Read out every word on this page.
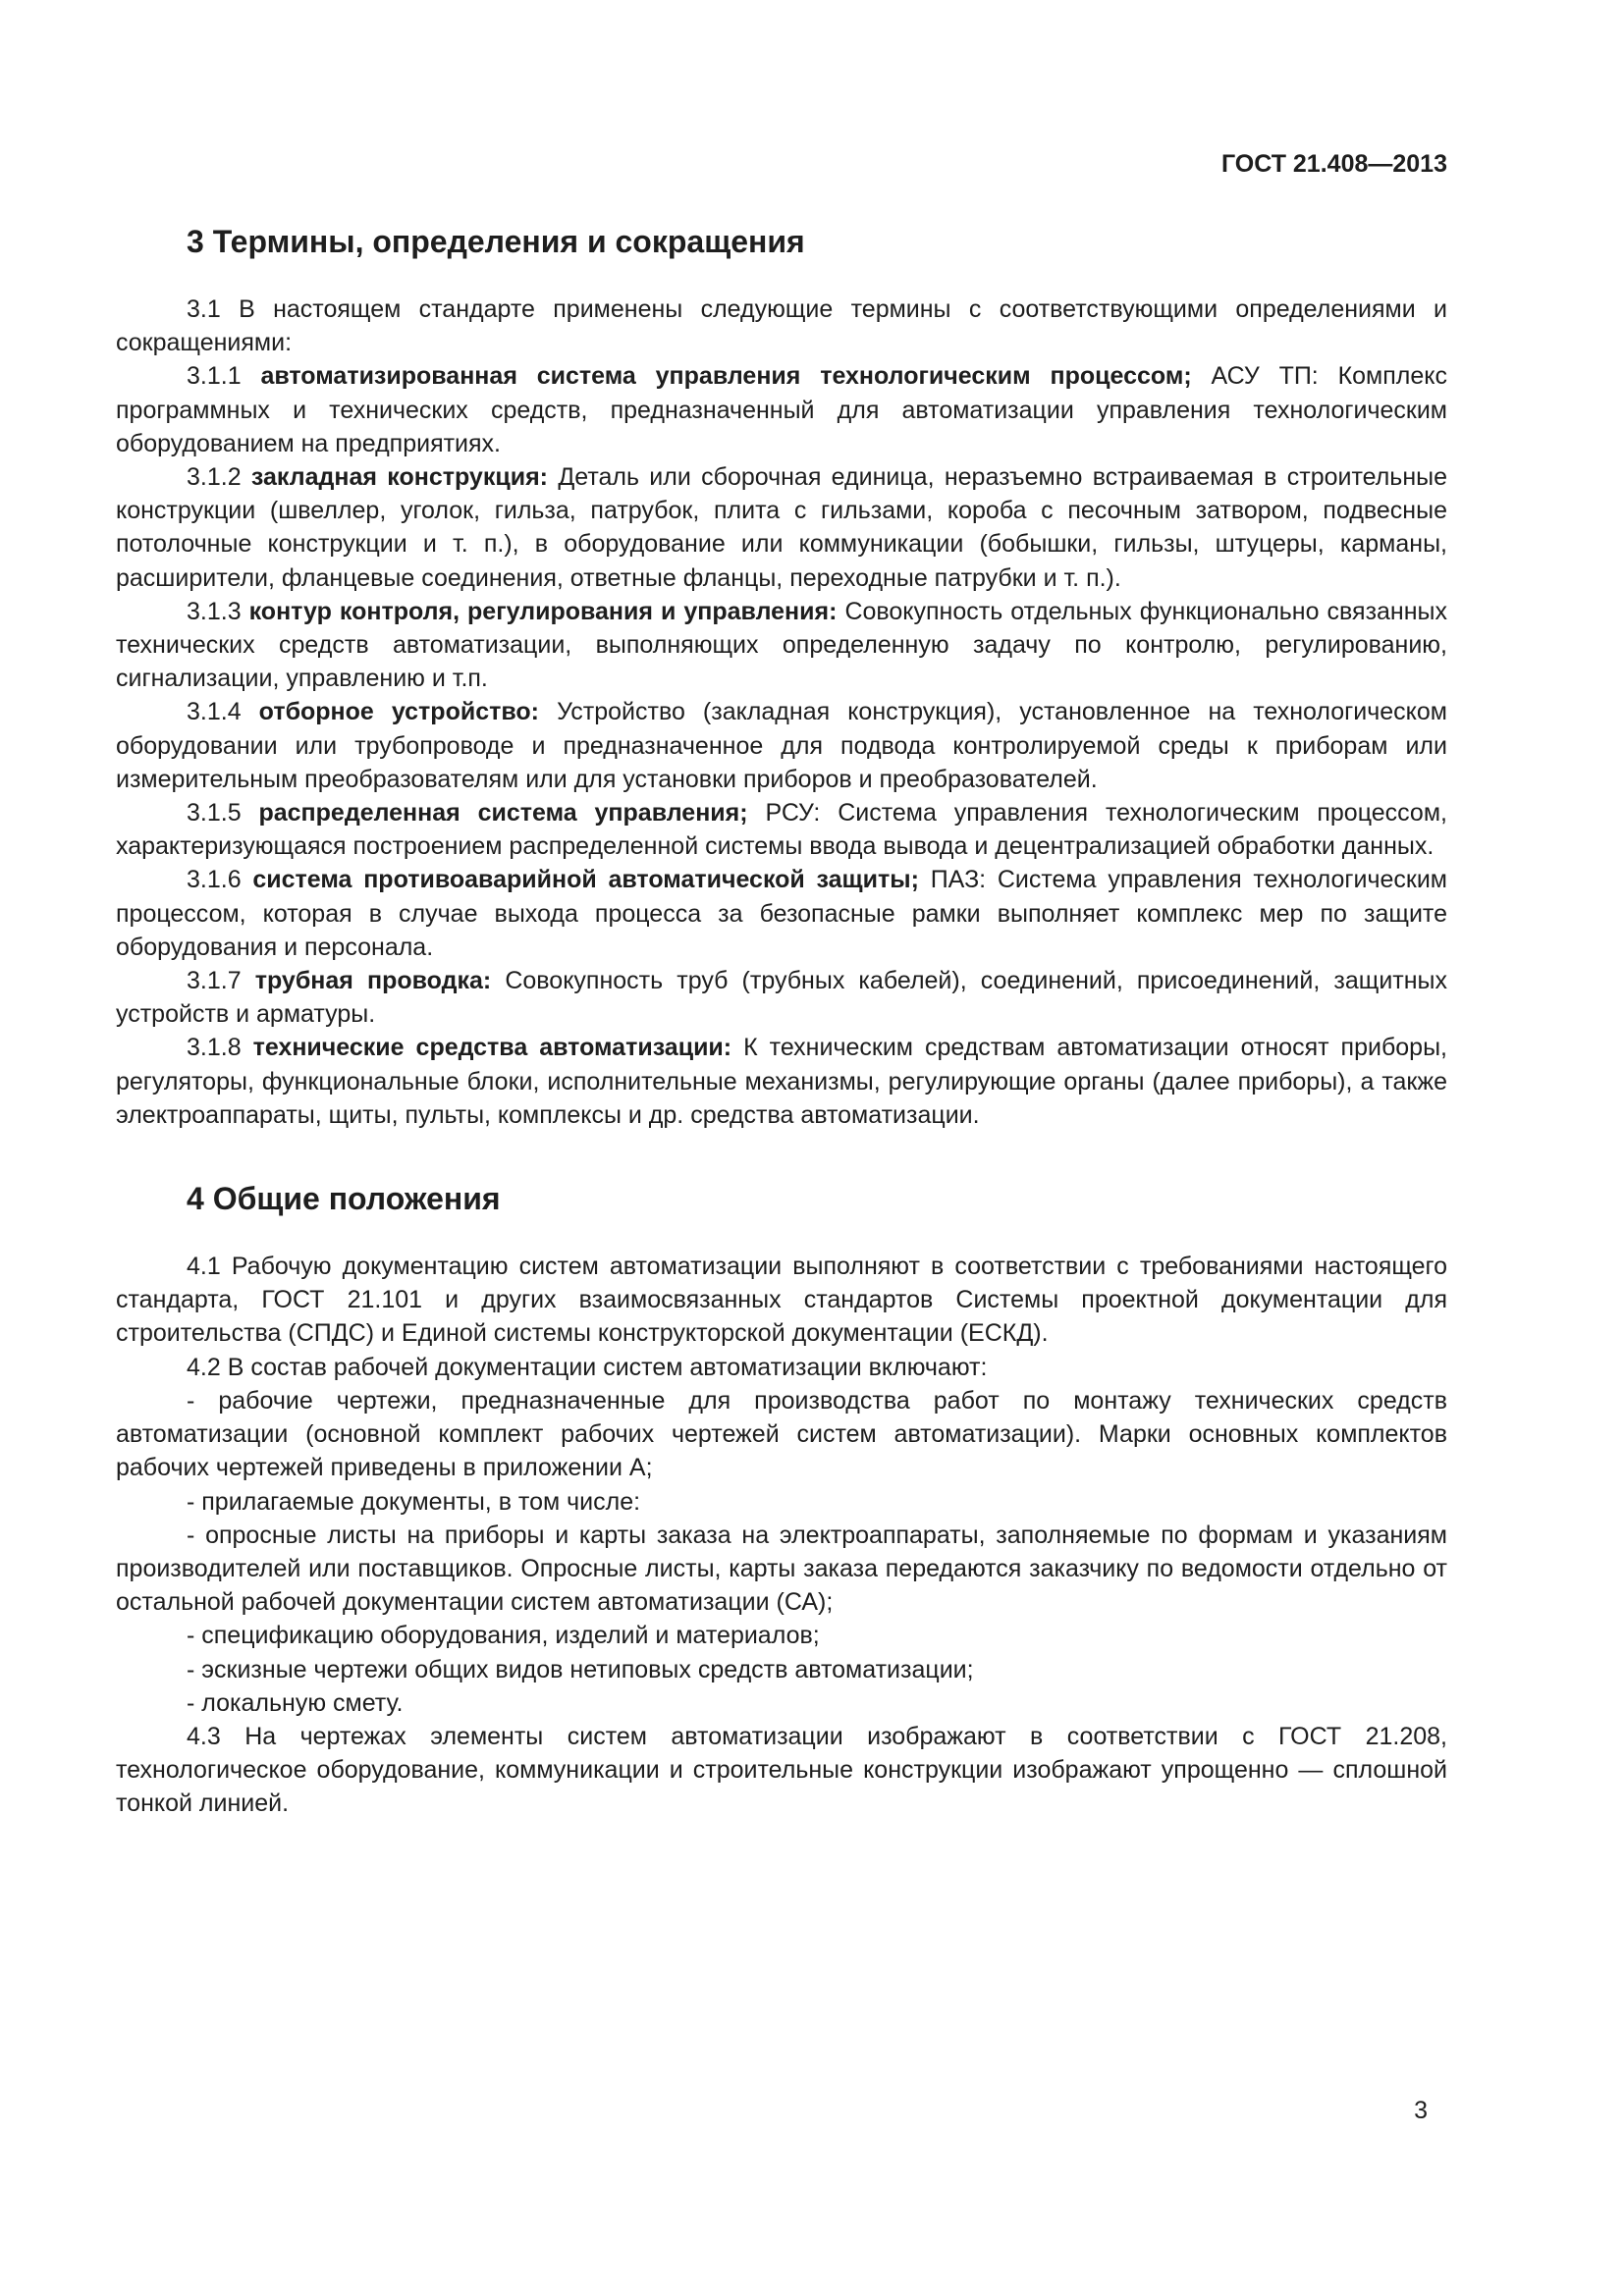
ГОСТ 21.408—2013

3 Термины, определения и сокращения

3.1 В настоящем стандарте применены следующие термины с соответствующими определениями и сокращениями:

3.1.1 автоматизированная система управления технологическим процессом; АСУ ТП: Комплекс программных и технических средств, предназначенный для автоматизации управления технологическим оборудованием на предприятиях.

3.1.2 закладная конструкция: Деталь или сборочная единица, неразъемно встраиваемая в строительные конструкции (швеллер, уголок, гильза, патрубок, плита с гильзами, короба с песочным затвором, подвесные потолочные конструкции и т. п.), в оборудование или коммуникации (бобышки, гильзы, штуцеры, карманы, расширители, фланцевые соединения, ответные фланцы, переходные патрубки и т. п.).

3.1.3 контур контроля, регулирования и управления: Совокупность отдельных функционально связанных технических средств автоматизации, выполняющих определенную задачу по контролю, регулированию, сигнализации, управлению и т.п.

3.1.4 отборное устройство: Устройство (закладная конструкция), установленное на технологическом оборудовании или трубопроводе и предназначенное для подвода контролируемой среды к приборам или измерительным преобразователям или для установки приборов и преобразователей.

3.1.5 распределенная система управления; РСУ: Система управления технологическим процессом, характеризующаяся построением распределенной системы ввода вывода и децентрализацией обработки данных.

3.1.6 система противоаварийной автоматической защиты; ПАЗ: Система управления технологическим процессом, которая в случае выхода процесса за безопасные рамки выполняет комплекс мер по защите оборудования и персонала.

3.1.7 трубная проводка: Совокупность труб (трубных кабелей), соединений, присоединений, защитных устройств и арматуры.

3.1.8 технические средства автоматизации: К техническим средствам автоматизации относят приборы, регуляторы, функциональные блоки, исполнительные механизмы, регулирующие органы (далее приборы), а также электроаппараты, щиты, пульты, комплексы и др. средства автоматизации.

4 Общие положения

4.1 Рабочую документацию систем автоматизации выполняют в соответствии с требованиями настоящего стандарта, ГОСТ 21.101 и других взаимосвязанных стандартов Системы проектной документации для строительства (СПДС) и Единой системы конструкторской документации (ЕСКД).

4.2 В состав рабочей документации систем автоматизации включают:

- рабочие чертежи, предназначенные для производства работ по монтажу технических средств автоматизации (основной комплект рабочих чертежей систем автоматизации). Марки основных комплектов рабочих чертежей приведены в приложении А;

- прилагаемые документы, в том числе:

- опросные листы на приборы и карты заказа на электроаппараты, заполняемые по формам и указаниям производителей или поставщиков. Опросные листы, карты заказа передаются заказчику по ведомости отдельно от остальной рабочей документации систем автоматизации (СА);

- спецификацию оборудования, изделий и материалов;

- эскизные чертежи общих видов нетиповых средств автоматизации;

- локальную смету.

4.3 На чертежах элементы систем автоматизации изображают в соответствии с ГОСТ 21.208, технологическое оборудование, коммуникации и строительные конструкции изображают упрощенно — сплошной тонкой линией.

3
